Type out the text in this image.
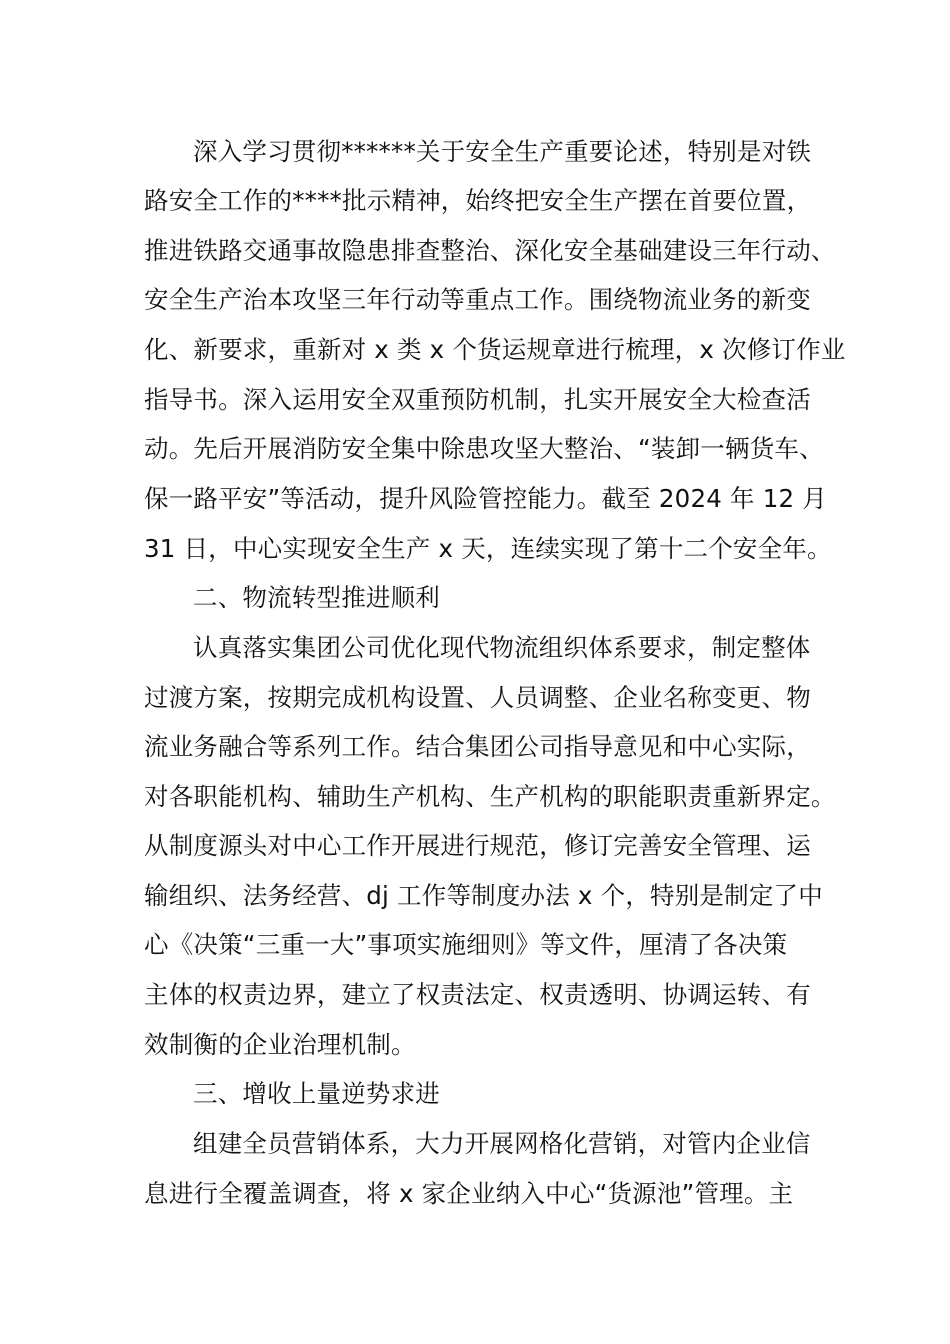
深入学习贯彻******关于安全生产重要论述，特别是对铁
路安全工作的****批示精神，始终把安全生产摆在首要位置，
推进铁路交通事故隐患排查整治、深化安全基础建设三年行动、
安全生产治本攻坚三年行动等重点工作。围绕物流业务的新变
化、新要求，重新对 x 类 x 个货运规章进行梳理，x 次修订作业
指导书。深入运用安全双重预防机制，扎实开展安全大检查活
动。先后开展消防安全集中除患攻坚大整治、“装卸一辆货车、
保一路平安”等活动，提升风险管控能力。截至 2024 年 12 月
31 日，中心实现安全生产 x 天，连续实现了第十二个安全年。
二、物流转型推进顺利
认真落实集团公司优化现代物流组织体系要求，制定整体
过渡方案，按期完成机构设置、人员调整、企业名称变更、物
流业务融合等系列工作。结合集团公司指导意见和中心实际，
对各职能机构、辅助生产机构、生产机构的职能职责重新界定。
从制度源头对中心工作开展进行规范，修订完善安全管理、运
输组织、法务经营、dj 工作等制度办法 x 个，特别是制定了中
心《决策“三重一大”事项实施细则》等文件，厘清了各决策
主体的权责边界，建立了权责法定、权责透明、协调运转、有
效制衡的企业治理机制。
三、增收上量逆势求进
组建全员营销体系，大力开展网格化营销，对管内企业信
息进行全覆盖调查，将 x 家企业纳入中心“货源池”管理。主
